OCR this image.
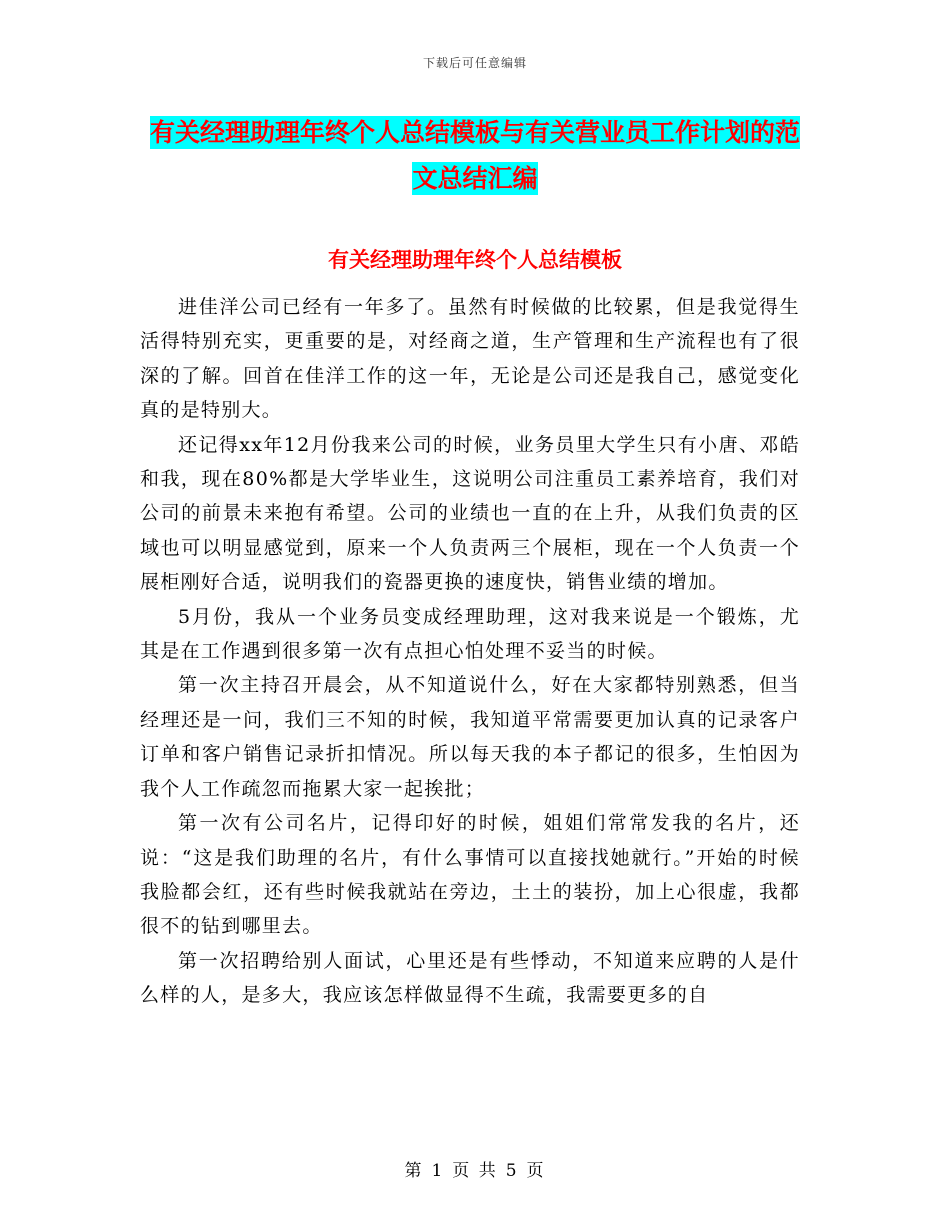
下载后可任意编辑
有关经理助理年终个人总结模板与有关营业员工作计划的范文总结汇编
有关经理助理年终个人总结模板

进佳洋公司已经有一年多了。虽然有时候做的比较累，但是我觉得生活得特别充实，更重要的是，对经商之道，生产管理和生产流程也有了很深的了解。回首在佳洋工作的这一年，无论是公司还是我自己，感觉变化真的是特别大。

还记得xx年12月份我来公司的时候，业务员里大学生只有小唐、邓皓和我，现在80%都是大学毕业生，这说明公司注重员工素养培育，我们对公司的前景未来抱有希望。公司的业绩也一直的在上升，从我们负责的区域也可以明显感觉到，原来一个人负责两三个展柜，现在一个人负责一个展柜刚好合适，说明我们的瓷器更换的速度快，销售业绩的增加。

5月份，我从一个业务员变成经理助理，这对我来说是一个锻炼，尤其是在工作遇到很多第一次有点担心怕处理不妥当的时候。

第一次主持召开晨会，从不知道说什么，好在大家都特别熟悉，但当经理还是一问，我们三不知的时候，我知道平常需要更加认真的记录客户订单和客户销售记录折扣情况。所以每天我的本子都记的很多，生怕因为我个人工作疏忽而拖累大家一起挨批；

第一次有公司名片，记得印好的时候，姐姐们常常发我的名片，还说：“这是我们助理的名片，有什么事情可以直接找她就行。”开始的时候我脸都会红，还有些时候我就站在旁边，土土的装扮，加上心很虚，我都很不的钻到哪里去。

第一次招聘给别人面试，心里还是有些悸动，不知道来应聘的人是什么样的人，是多大，我应该怎样做显得不生疏，我需要更多的自

第 1 页 共 5 页
